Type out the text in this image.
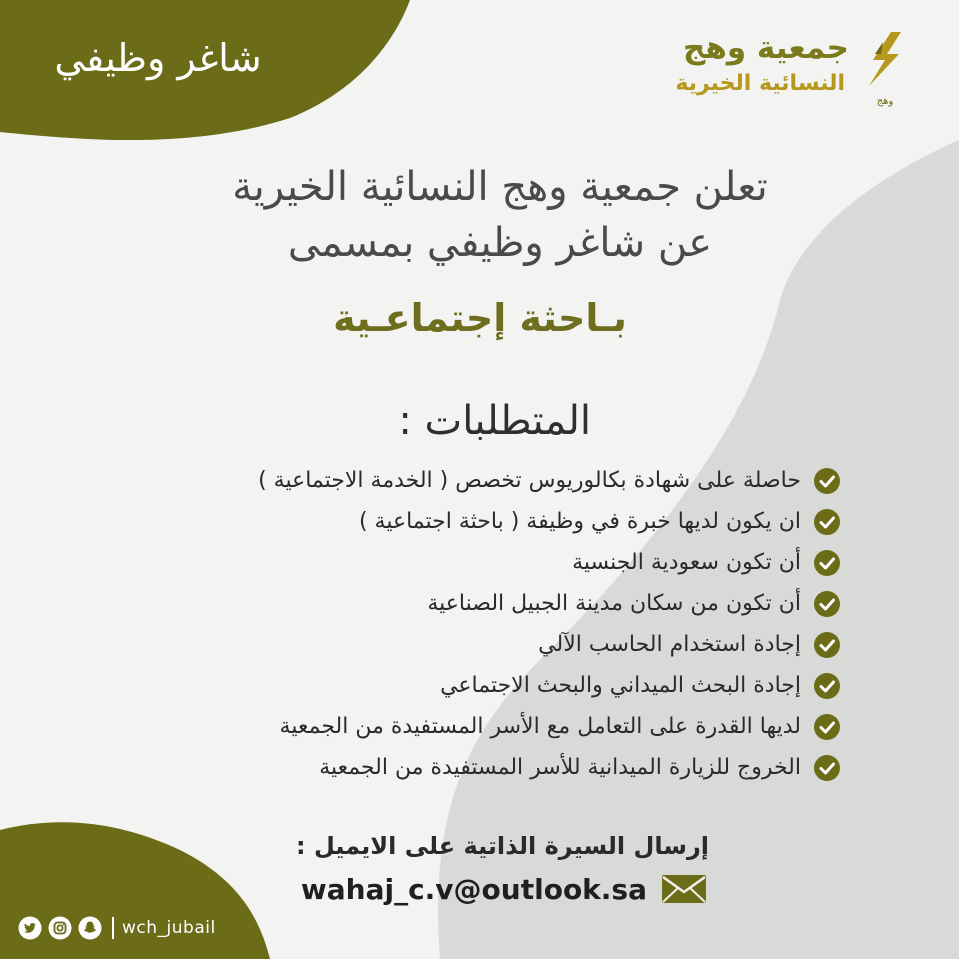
شاغر وظيفي
وهج
جمعية وهج
النسائية الخيرية
تعلن جمعية وهج النسائية الخيرية
عن شاغر وظيفي بمسمى
بـاحثة إجتماعـية
المتطلبات :
حاصلة على شهادة بكالوريوس تخصص ( الخدمة الاجتماعية )
ان يكون لديها خبرة في وظيفة ( باحثة اجتماعية )
أن تكون سعودية الجنسية
أن تكون من سكان مدينة الجبيل الصناعية
إجادة استخدام الحاسب الآلي
إجادة البحث الميداني والبحث الاجتماعي
لديها القدرة على التعامل مع الأسر المستفيدة من الجمعية
الخروج للزيارة الميدانية للأسر المستفيدة من الجمعية
إرسال السيرة الذاتية على الايميل :
wahaj_c.v@outlook.sa
wch_jubail
